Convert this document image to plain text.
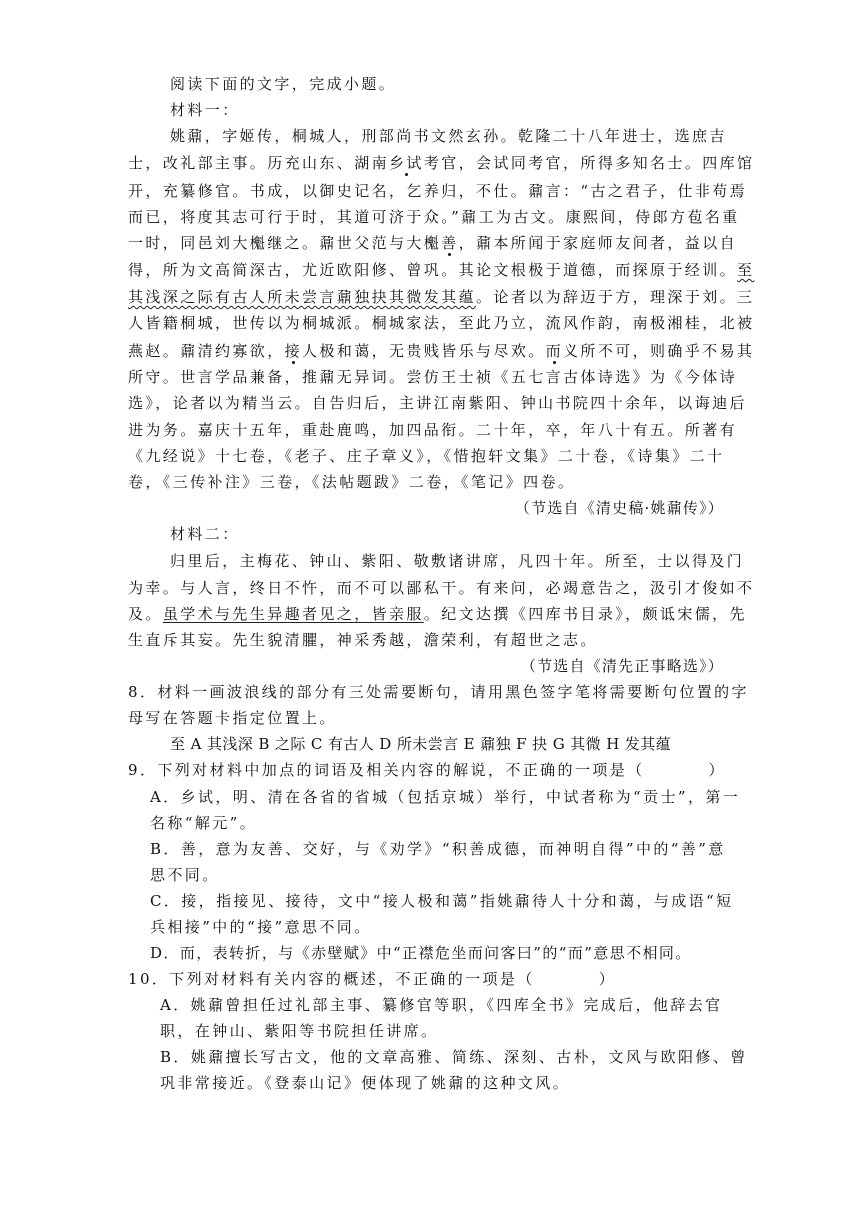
阅读下面的文字，完成小题。
材料一：
姚鼐，字姬传，桐城人，刑部尚书文然玄孙。乾隆二十八年进士，选庶吉
士，改礼部主事。历充山东、湖南乡试考官，会试同考官，所得多知名士。四库馆
开，充纂修官。书成，以御史记名，乞养归，不仕。鼐言：“古之君子，仕非苟焉
而已，将度其志可行于时，其道可济于众。”鼐工为古文。康熙间，侍郎方苞名重
一时，同邑刘大櫆继之。鼐世父范与大櫆善，鼐本所闻于家庭师友间者，益以自
得，所为文高简深古，尤近欧阳修、曾巩。其论文根极于道德，而探原于经训。至
其浅深之际有古人所未尝言鼐独抉其微发其蕴。论者以为辞迈于方，理深于刘。三
人皆籍桐城，世传以为桐城派。桐城家法，至此乃立，流风作韵，南极湘桂，北被
燕赵。鼐清约寡欲，接人极和蔼，无贵贱皆乐与尽欢。而义所不可，则确乎不易其
所守。世言学品兼备，推鼐无异词。尝仿王士祯《五七言古体诗选》为《今体诗
选》，论者以为精当云。自告归后，主讲江南紫阳、钟山书院四十余年，以诲迪后
进为务。嘉庆十五年，重赴鹿鸣，加四品衔。二十年，卒，年八十有五。所著有
《九经说》十七卷，《老子、庄子章义》，《惜抱轩文集》二十卷，《诗集》二十
卷，《三传补注》三卷，《法帖题跋》二卷，《笔记》四卷。
（节选自《清史稿·姚鼐传》）
材料二：
归里后，主梅花、钟山、紫阳、敬敷诸讲席，凡四十年。所至，士以得及门
为幸。与人言，终日不忤，而不可以鄙私干。有来问，必竭意告之，汲引才俊如不
及。虽学术与先生异趣者见之，皆亲服。纪文达撰《四库书目录》，颇诋宋儒，先
生直斥其妄。先生貌清臞，神采秀越，澹荣利，有超世之志。
（节选自《清先正事略选》）
8．材料一画波浪线的部分有三处需要断句，请用黑色签字笔将需要断句位置的字
母写在答题卡指定位置上。
至 A 其浅深 B 之际 C 有古人 D 所未尝言 E 鼐独 F 抉 G 其微 H 发其蕴
9．下列对材料中加点的词语及相关内容的解说，不正确的一项是（	）
A．乡试，明、清在各省的省城（包括京城）举行，中试者称为“贡士”，第一
名称“解元”。
B．善，意为友善、交好，与《劝学》“积善成德，而神明自得”中的“善”意
思不同。
C．接，指接见、接待，文中“接人极和蔼”指姚鼐待人十分和蔼，与成语“短
兵相接”中的“接”意思不同。
D．而，表转折，与《赤壁赋》中“正襟危坐而问客曰”的“而”意思不相同。
10．下列对材料有关内容的概述，不正确的一项是（	）
A．姚鼐曾担任过礼部主事、纂修官等职，《四库全书》完成后，他辞去官
职，在钟山、紫阳等书院担任讲席。
B．姚鼐擅长写古文，他的文章高雅、简练、深刻、古朴，文风与欧阳修、曾
巩非常接近。《登泰山记》便体现了姚鼐的这种文风。
